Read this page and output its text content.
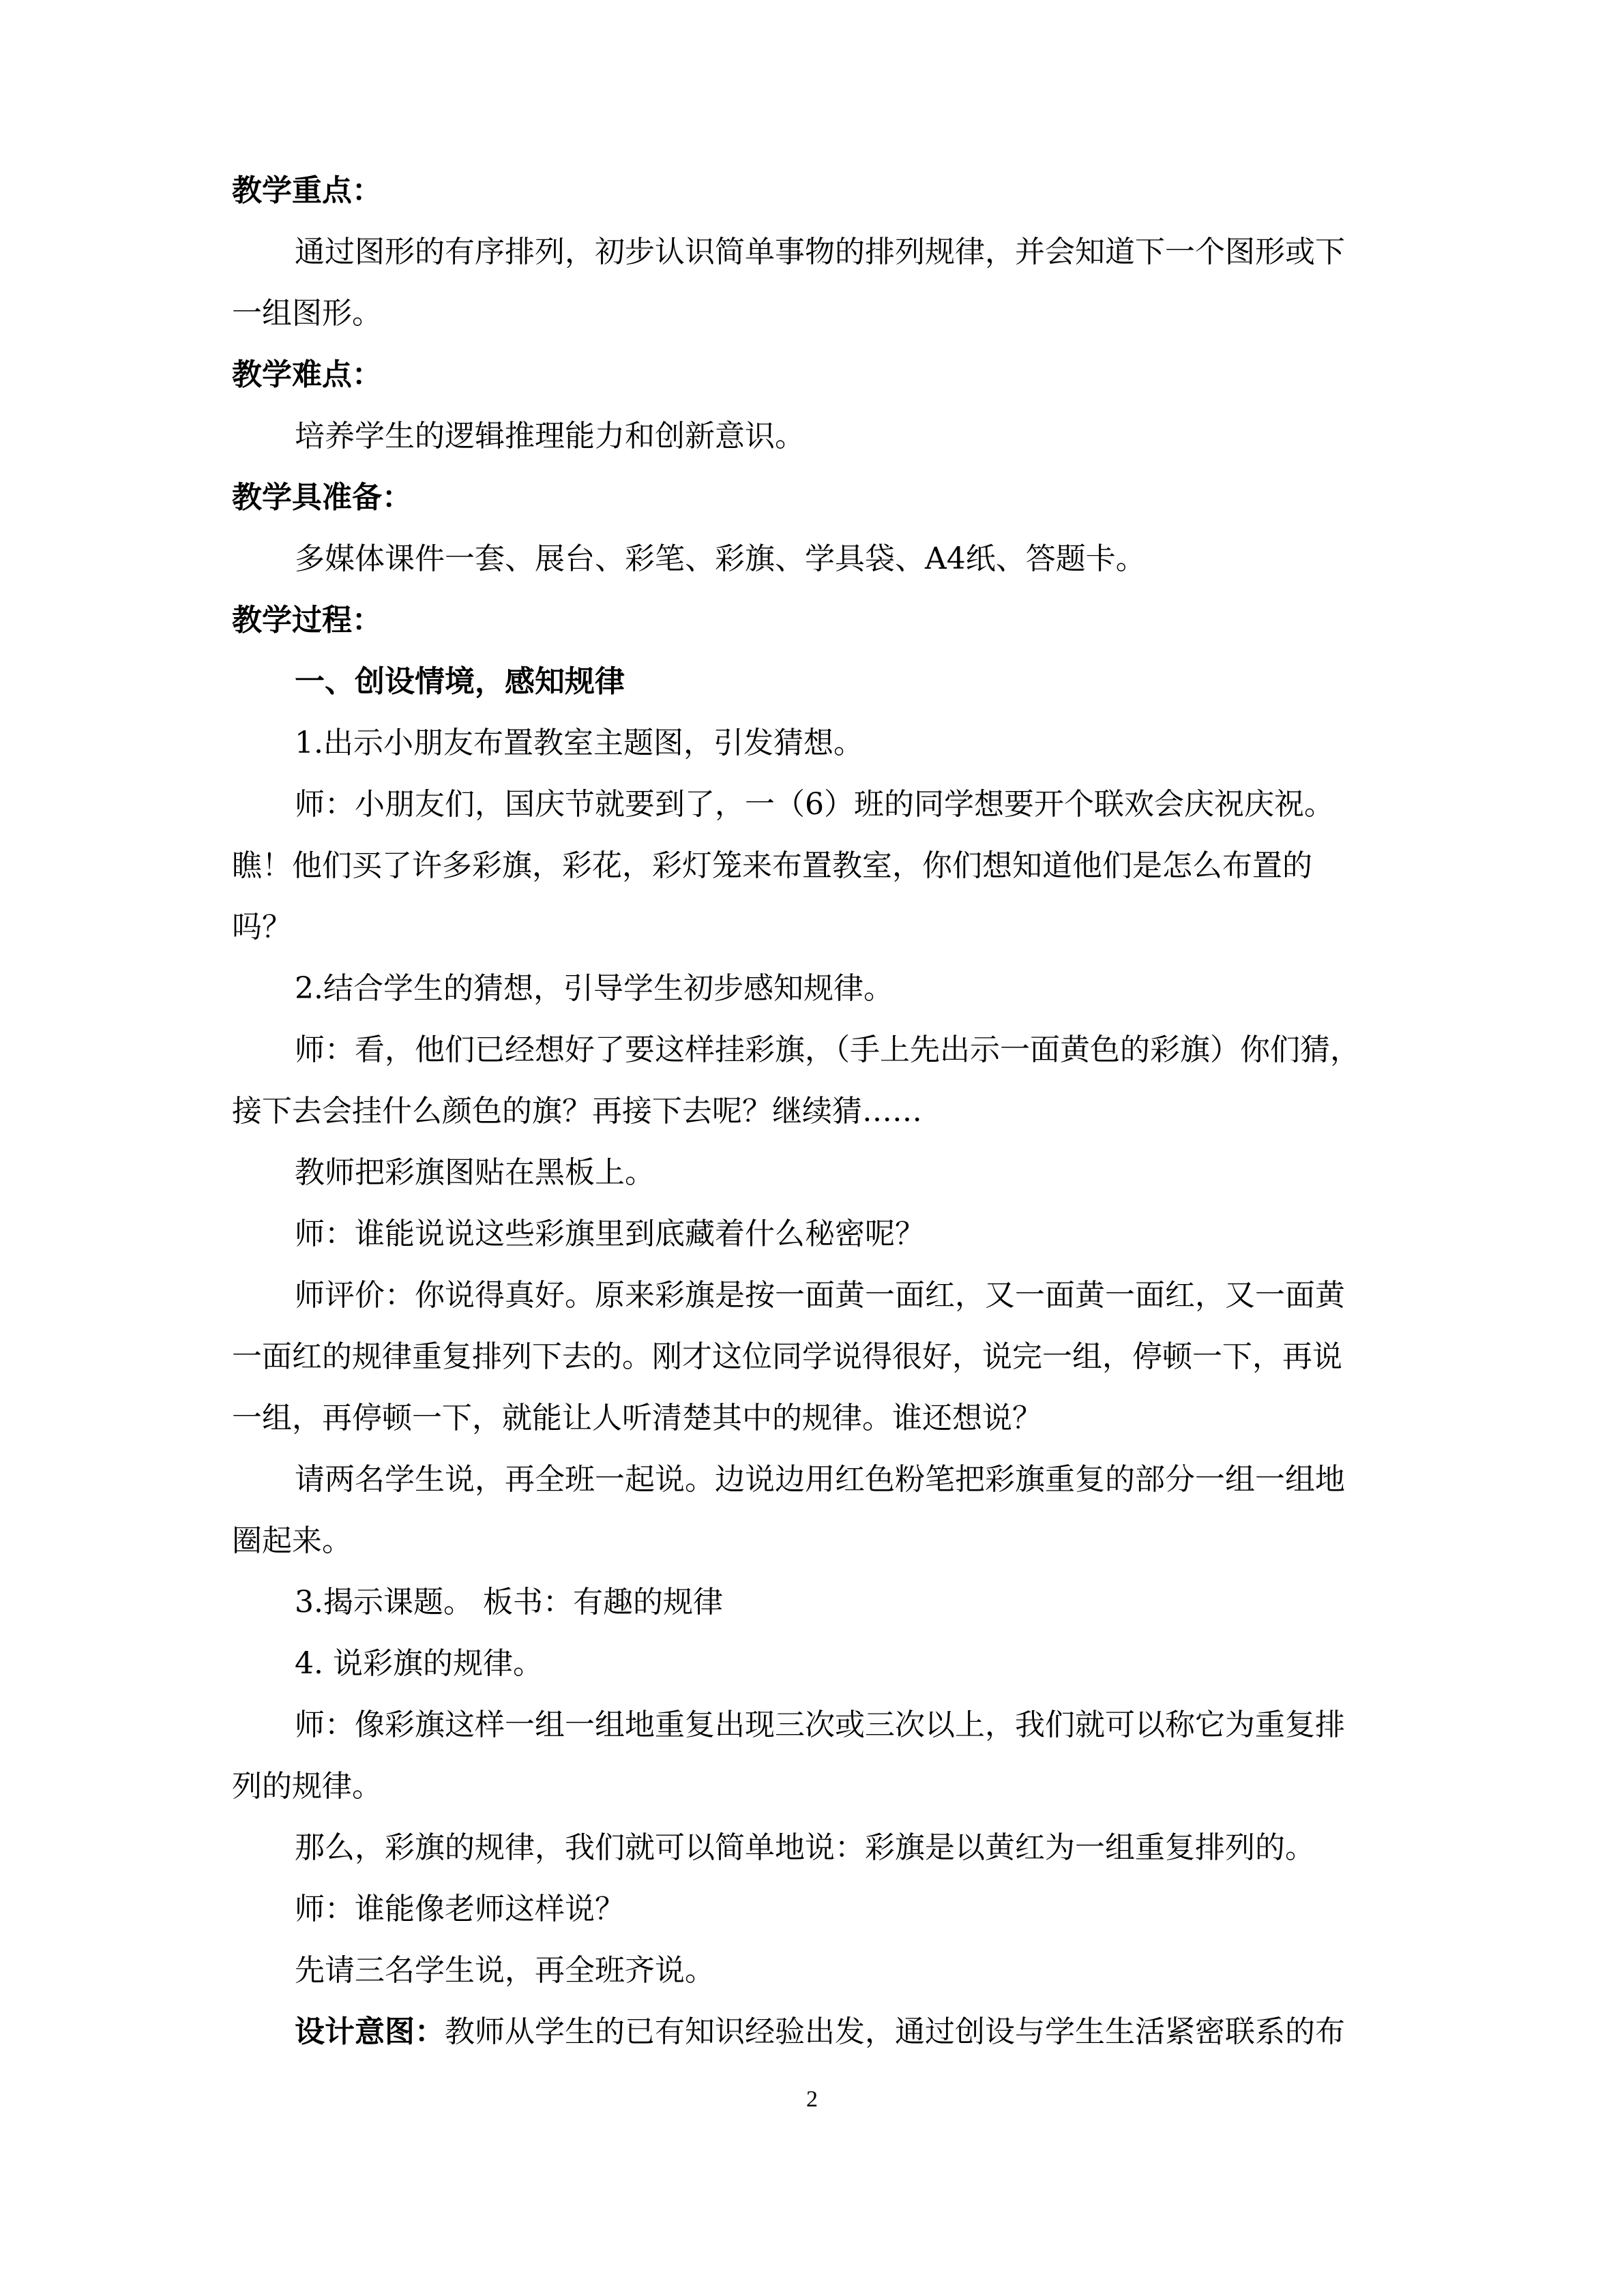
教学重点：
通过图形的有序排列，初步认识简单事物的排列规律，并会知道下一个图形或下
一组图形。
教学难点：
培养学生的逻辑推理能力和创新意识。
教学具准备：
多媒体课件一套、展台、彩笔、彩旗、学具袋、A4纸、答题卡。
教学过程：
一、创设情境，感知规律
1.出示小朋友布置教室主题图，引发猜想。
师：小朋友们，国庆节就要到了，一（6）班的同学想要开个联欢会庆祝庆祝。
瞧！他们买了许多彩旗，彩花，彩灯笼来布置教室，你们想知道他们是怎么布置的
吗？
2.结合学生的猜想，引导学生初步感知规律。
师：看，他们已经想好了要这样挂彩旗，（手上先出示一面黄色的彩旗）你们猜，
接下去会挂什么颜色的旗？再接下去呢？继续猜……
教师把彩旗图贴在黑板上。
师：谁能说说这些彩旗里到底藏着什么秘密呢？
师评价：你说得真好。原来彩旗是按一面黄一面红，又一面黄一面红，又一面黄
一面红的规律重复排列下去的。刚才这位同学说得很好，说完一组，停顿一下，再说
一组，再停顿一下，就能让人听清楚其中的规律。谁还想说？
请两名学生说，再全班一起说。边说边用红色粉笔把彩旗重复的部分一组一组地
圈起来。
3.揭示课题。 板书：有趣的规律
4. 说彩旗的规律。
师：像彩旗这样一组一组地重复出现三次或三次以上，我们就可以称它为重复排
列的规律。
那么，彩旗的规律，我们就可以简单地说：彩旗是以黄红为一组重复排列的。
师：谁能像老师这样说？
先请三名学生说，再全班齐说。
设计意图：教师从学生的已有知识经验出发，通过创设与学生生活紧密联系的布
2
